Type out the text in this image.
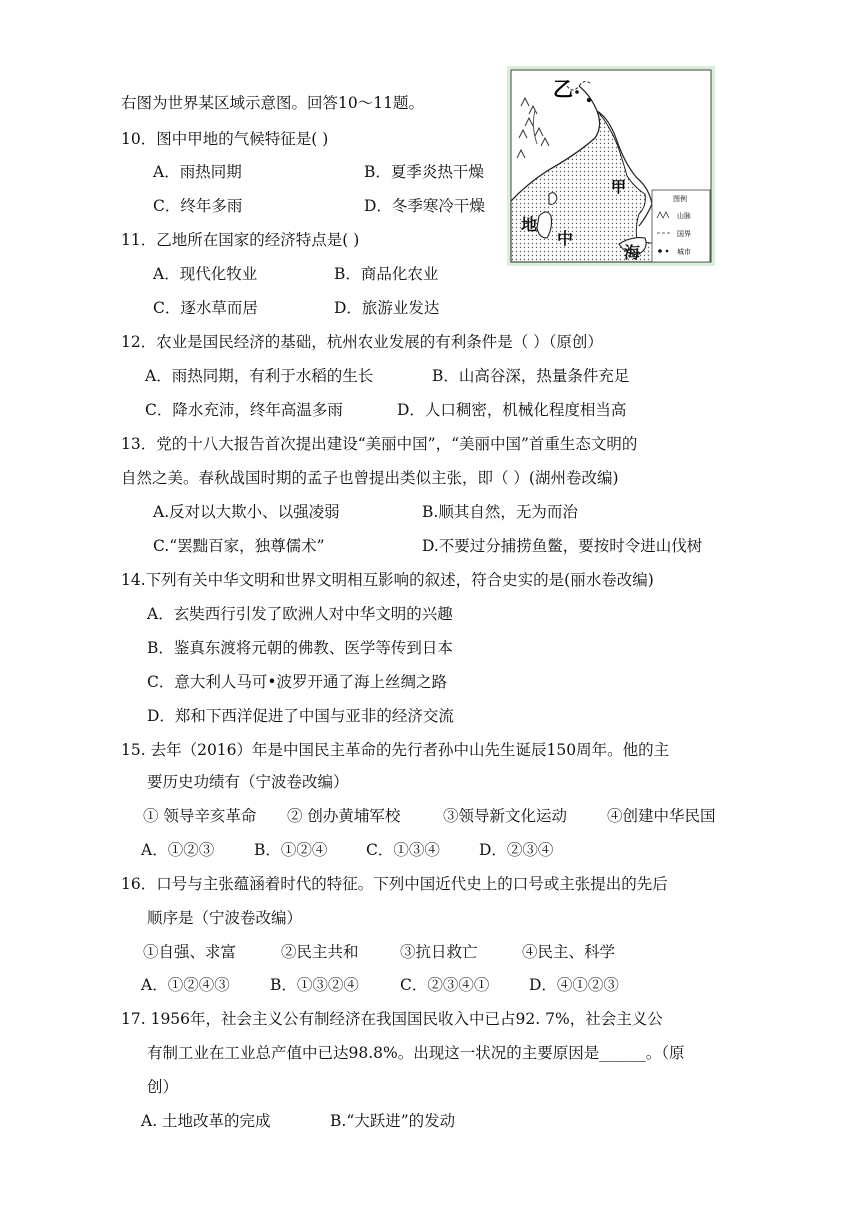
右图为世界某区域示意图。回答10～11题。
10．图中甲地的气候特征是( )
A．雨热同期	B．夏季炎热干燥
C．终年多雨	D．冬季寒冷干燥
11．乙地所在国家的经济特点是( )
A．现代化牧业	B．商品化农业
C．逐水草而居	D．旅游业发达
12．农业是国民经济的基础，杭州农业发展的有利条件是（ ）（原创）
A．雨热同期，有利于水稻的生长	B．山高谷深，热量条件充足
C．降水充沛，终年高温多雨	D．人口稠密，机械化程度相当高
13．党的十八大报告首次提出建设“美丽中国”，“美丽中国”首重生态文明的
自然之美。春秋战国时期的孟子也曾提出类似主张，即（ ）(湖州卷改编)
A.反对以大欺小、以强凌弱	B.顺其自然，无为而治
C.“罢黜百家，独尊儒术”	D.不要过分捕捞鱼鳖，要按时令进山伐树
14.下列有关中华文明和世界文明相互影响的叙述，符合史实的是(丽水卷改编)
A．玄奘西行引发了欧洲人对中华文明的兴趣
B．鉴真东渡将元朝的佛教、医学等传到日本
C．意大利人马可•波罗开通了海上丝绸之路
D．郑和下西洋促进了中国与亚非的经济交流
15. 去年（2016）年是中国民主革命的先行者孙中山先生诞辰150周年。他的主
要历史功绩有（宁波卷改编）
① 领导辛亥革命 ② 创办黄埔军校	③领导新文化运动	④创建中华民国
A．①②③	B．①②④ C．①③④	D．②③④
16．口号与主张蕴涵着时代的特征。下列中国近代史上的口号或主张提出的先后
顺序是（宁波卷改编）
①自强、求富	②民主共和	③抗日救亡	④民主、科学
A．①②④③	B．①③②④	C．②③④①	D．④①②③
17. 1956年，社会主义公有制经济在我国国民收入中已占92. 7%，社会主义公
有制工业在工业总产值中已达98.8%。出现这一状况的主要原因是______。（原
创）
A. 土地改革的完成	B.“大跃进”的发动
乙
甲
地
中
海
图例
山脉
国界
城市
